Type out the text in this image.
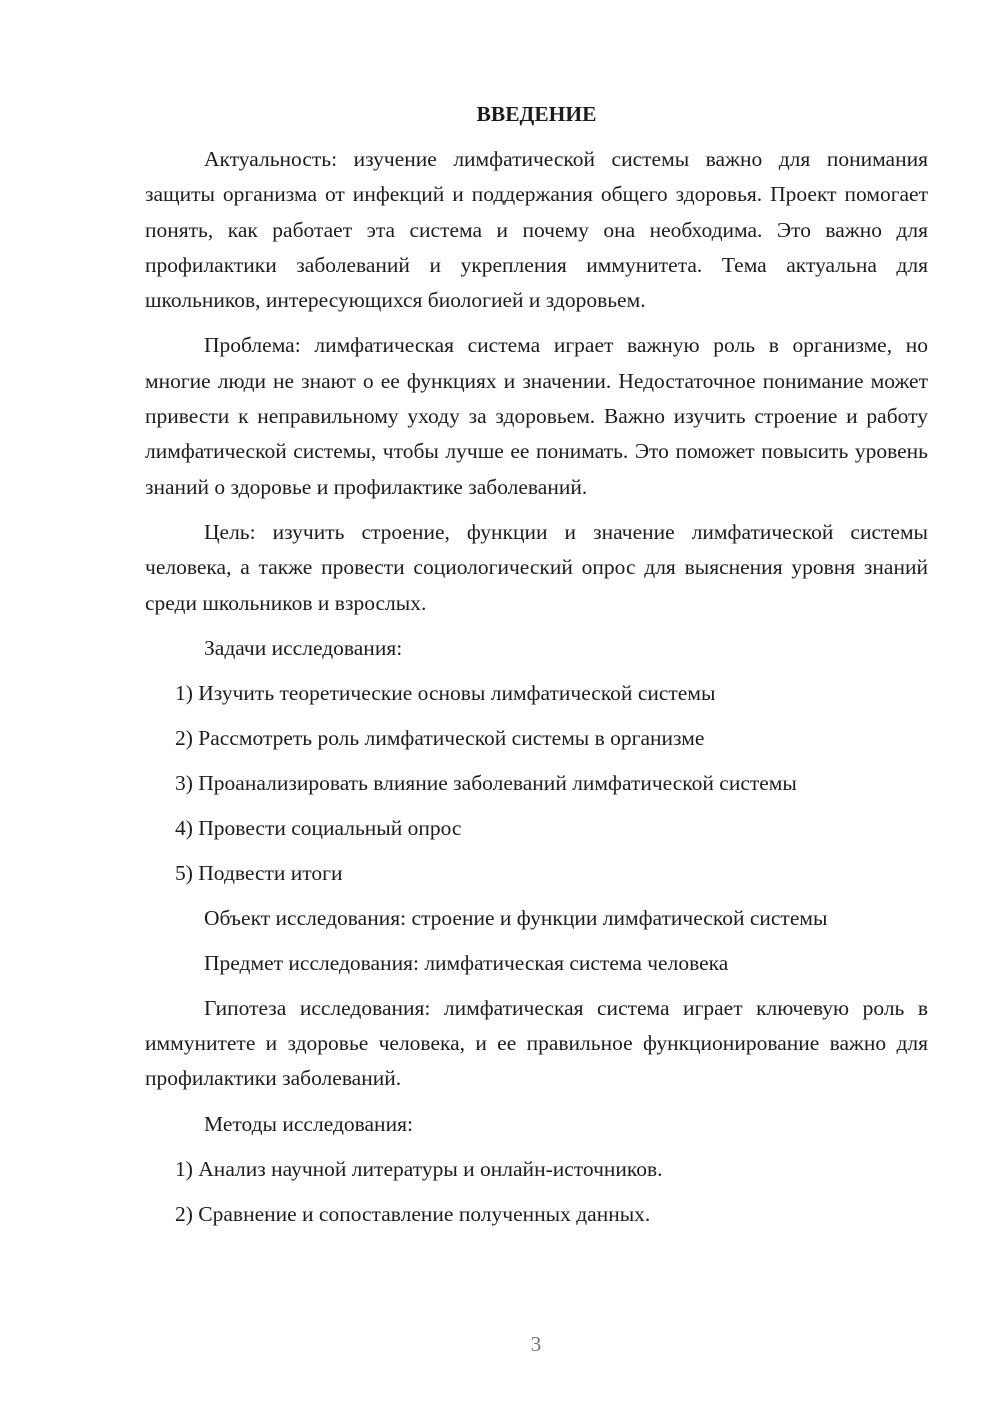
ВВЕДЕНИЕ

Актуальность: изучение лимфатической системы важно для понимания защиты организма от инфекций и поддержания общего здоровья. Проект помогает понять, как работает эта система и почему она необходима. Это важно для профилактики заболеваний и укрепления иммунитета. Тема актуальна для школьников, интересующихся биологией и здоровьем.

Проблема: лимфатическая система играет важную роль в организме, но многие люди не знают о ее функциях и значении. Недостаточное понимание может привести к неправильному уходу за здоровьем. Важно изучить строение и работу лимфатической системы, чтобы лучше ее понимать. Это поможет повысить уровень знаний о здоровье и профилактике заболеваний.

Цель: изучить строение, функции и значение лимфатической системы человека, а также провести социологический опрос для выяснения уровня знаний среди школьников и взрослых.

Задачи исследования:
1) Изучить теоретические основы лимфатической системы
2) Рассмотреть роль лимфатической системы в организме
3) Проанализировать влияние заболеваний лимфатической системы
4) Провести социальный опрос
5) Подвести итоги
Объект исследования: строение и функции лимфатической системы
Предмет исследования: лимфатическая система человека

Гипотеза исследования: лимфатическая система играет ключевую роль в иммунитете и здоровье человека, и ее правильное функционирование важно для профилактики заболеваний.

Методы исследования:
1) Анализ научной литературы и онлайн-источников.
2) Сравнение и сопоставление полученных данных.
3
